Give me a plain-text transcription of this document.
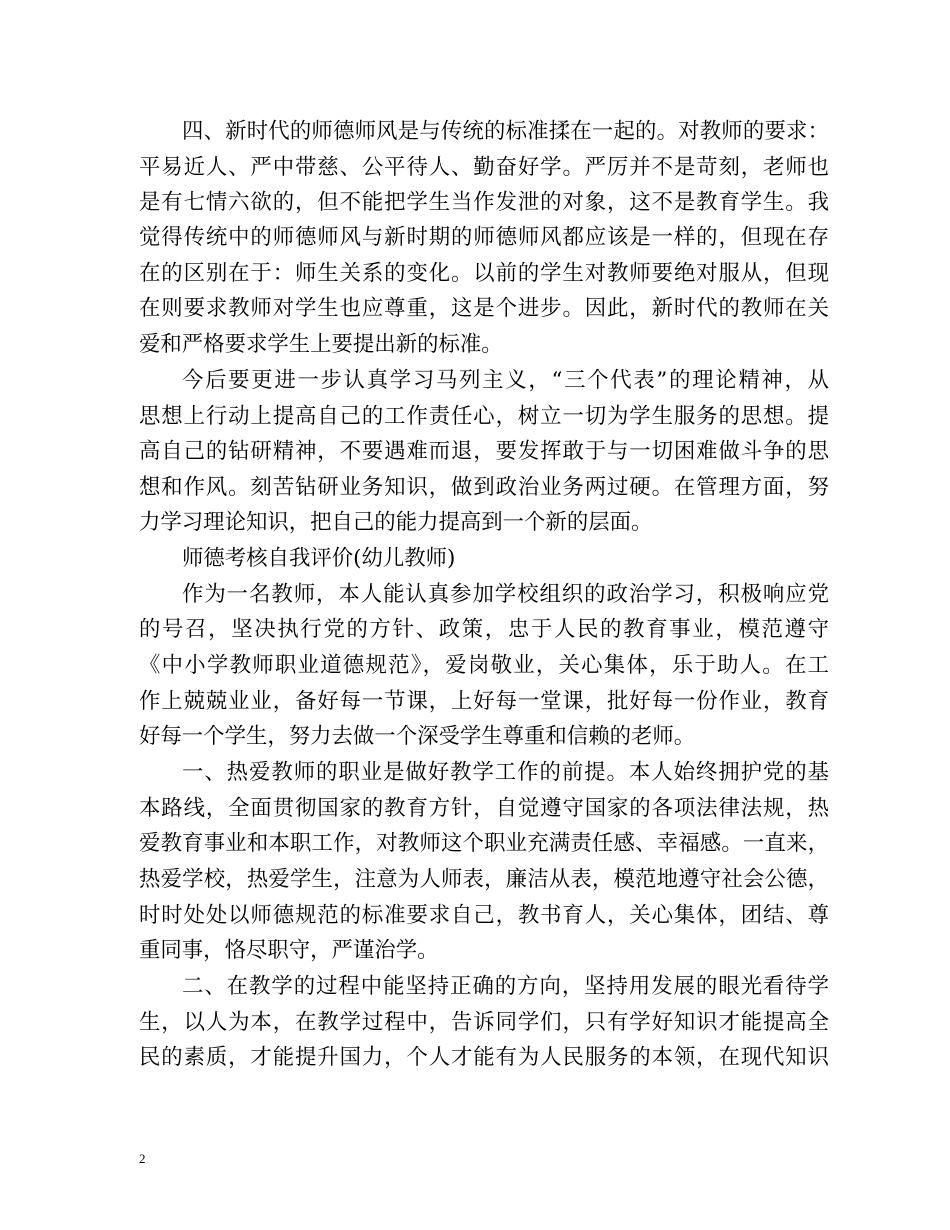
四、新时代的师德师风是与传统的标准揉在一起的。对教师的要求：
平易近人、严中带慈、公平待人、勤奋好学。严厉并不是苛刻，老师也
是有七情六欲的，但不能把学生当作发泄的对象，这不是教育学生。我
觉得传统中的师德师风与新时期的师德师风都应该是一样的，但现在存
在的区别在于：师生关系的变化。以前的学生对教师要绝对服从，但现
在则要求教师对学生也应尊重，这是个进步。因此，新时代的教师在关
爱和严格要求学生上要提出新的标准。
今后要更进一步认真学习马列主义，“三个代表”的理论精神，从
思想上行动上提高自己的工作责任心，树立一切为学生服务的思想。提
高自己的钻研精神，不要遇难而退，要发挥敢于与一切困难做斗争的思
想和作风。刻苦钻研业务知识，做到政治业务两过硬。在管理方面，努
力学习理论知识，把自己的能力提高到一个新的层面。
师德考核自我评价(幼儿教师)
作为一名教师，本人能认真参加学校组织的政治学习，积极响应党
的号召，坚决执行党的方针、政策，忠于人民的教育事业，模范遵守
《中小学教师职业道德规范》，爱岗敬业，关心集体，乐于助人。在工
作上兢兢业业，备好每一节课，上好每一堂课，批好每一份作业，教育
好每一个学生，努力去做一个深受学生尊重和信赖的老师。
一、热爱教师的职业是做好教学工作的前提。本人始终拥护党的基
本路线，全面贯彻国家的教育方针，自觉遵守国家的各项法律法规，热
爱教育事业和本职工作，对教师这个职业充满责任感、幸福感。一直来，
热爱学校，热爱学生，注意为人师表，廉洁从表，模范地遵守社会公德，
时时处处以师德规范的标准要求自己，教书育人，关心集体，团结、尊
重同事，恪尽职守，严谨治学。
二、在教学的过程中能坚持正确的方向，坚持用发展的眼光看待学
生，以人为本，在教学过程中，告诉同学们，只有学好知识才能提高全
民的素质，才能提升国力，个人才能有为人民服务的本领，在现代知识
2
